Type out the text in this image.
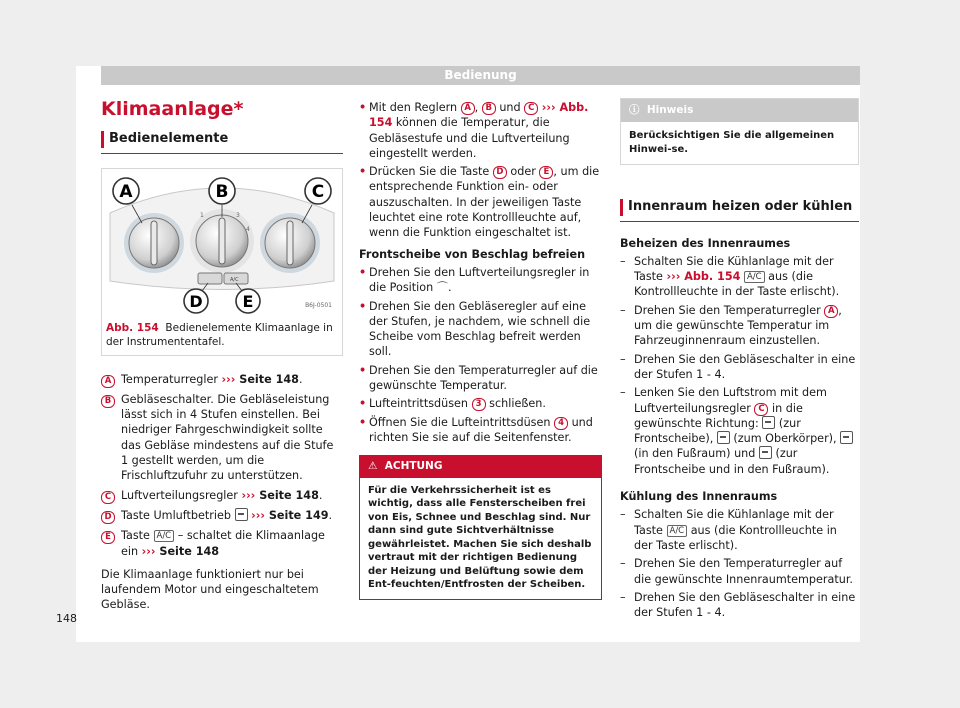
Bedienung
Klimaanlage*
Bedienelemente
1	3
4
A/C
A	B	C
D E	B6J-0501
Abb. 154 Bedienelemente Klimaanlage in der Instrumententafel.
A Temperaturregler ››› Seite 148.
B Gebläseschalter. Die Gebläseleistung lässt sich in 4 Stufen einstellen. Bei niedriger Fahrgeschwindigkeit sollte das Gebläse mindestens auf die Stufe 1 gestellt werden, um die Frischluftzufuhr zu unterstützen.
C Luftverteilungsregler ››› Seite 148.
D Taste Umluftbetrieb ››› Seite 149.
E Taste A/C – schaltet die Klimaanlage ein ››› Seite 148

Die Klimaanlage funktioniert nur bei laufendem Motor und eingeschaltetem Gebläse.

• Mit den Reglern A , B und C ››› Abb. 154 können die Temperatur, die Gebläsestufe und die Luftverteilung eingestellt werden.
• Drücken Sie die Taste D oder E , um die entsprechende Funktion ein- oder auszuschalten. In der jeweiligen Taste leuchtet eine rote Kontrollleuchte auf, wenn die Funktion eingeschaltet ist.

Frontscheibe von Beschlag befreien

• Drehen Sie den Luftverteilungsregler in die Position ⌒.
• Drehen Sie den Gebläseregler auf eine der Stufen, je nachdem, wie schnell die Scheibe vom Beschlag befreit werden soll.
• Drehen Sie den Temperaturregler auf die gewünschte Temperatur.
• Lufteintrittsdüsen 3 schließen.
• Öffnen Sie die Lufteintrittsdüsen 4 und richten Sie sie auf die Seitenfenster.
⚠ ACHTUNG
Für die Verkehrssicherheit ist es wichtig, dass alle Fensterscheiben frei von Eis, Schnee und Beschlag sind. Nur dann sind gute Sichtverhältnisse gewährleistet. Machen Sie sich deshalb vertraut mit der richtigen Bedienung der Heizung und Belüftung sowie dem Ent-feuchten/Entfrosten der Scheiben.
ⓘ Hinweis
Berücksichtigen Sie die allgemeinen Hinwei-se.
Innenraum heizen oder kühlen

Beheizen des Innenraumes

– Schalten Sie die Kühlanlage mit der Taste ››› Abb. 154 A/C aus (die Kontrollleuchte in der Taste erlischt).
– Drehen Sie den Temperaturregler A , um die gewünschte Temperatur im Fahrzeuginnenraum einzustellen.
– Drehen Sie den Gebläseschalter in eine der Stufen 1 - 4.
– Lenken Sie den Luftstrom mit dem Luftverteilungsregler C in die gewünschte Richtung: (zur Frontscheibe), (zum Oberkörper),  (in den Fußraum) und (zur Frontscheibe und in den Fußraum).

Kühlung des Innenraums

– Schalten Sie die Kühlanlage mit der Taste A/C aus (die Kontrollleuchte in der Taste erlischt).
– Drehen Sie den Temperaturregler auf die gewünschte Innenraumtemperatur.
– Drehen Sie den Gebläseschalter in eine der Stufen 1 - 4.
148
